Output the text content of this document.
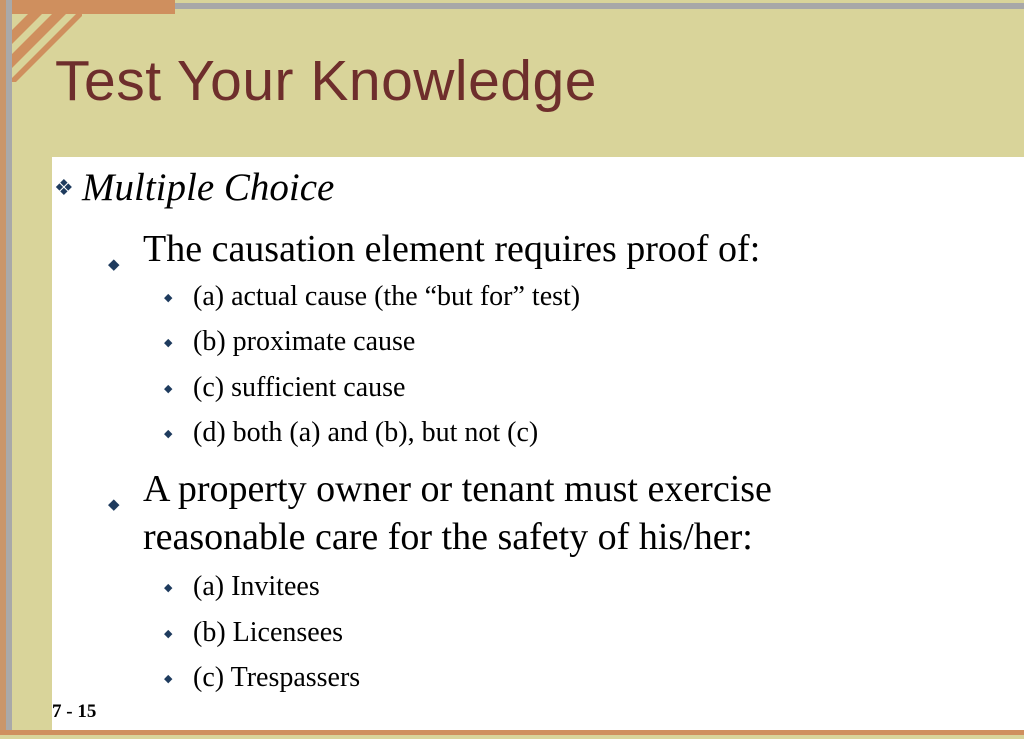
Test Your Knowledge
❖ Multiple Choice
◆ The causation element requires proof of:
◆ (a) actual cause (the “but for” test)
◆ (b) proximate cause
◆ (c) sufficient cause
◆ (d) both (a) and (b), but not (c)
◆ A property owner or tenant must exercise
reasonable care for the safety of his/her:
◆ (a) Invitees
◆ (b) Licensees
◆ (c) Trespassers
7 - 15
